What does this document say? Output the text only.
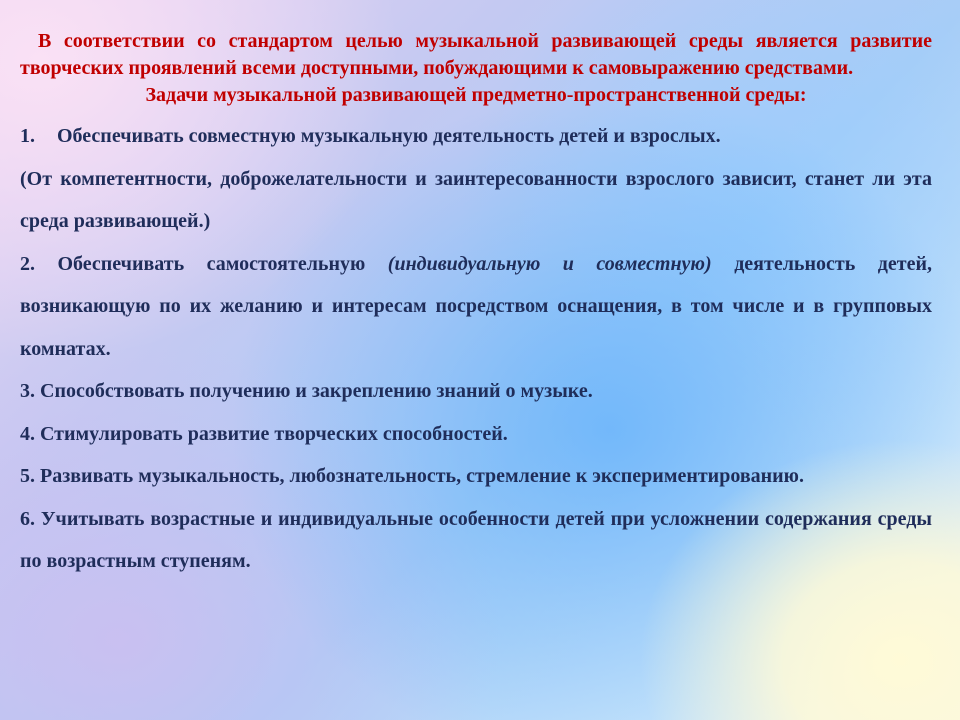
В соответствии со стандартом целью музыкальной развивающей среды является развитие творческих проявлений всеми доступными, побуждающими к самовыражению средствами.

Задачи музыкальной развивающей предметно-пространственной среды:

1. Обеспечивать совместную музыкальную деятельность детей и взрослых.

(От компетентности, доброжелательности и заинтересованности взрослого зависит, станет ли эта среда развивающей.)

2. Обеспечивать самостоятельную (индивидуальную и совместную) деятельность детей, возникающую по их желанию и интересам посредством оснащения, в том числе и в групповых комнатах.

3. Способствовать получению и закреплению знаний о музыке.

4. Стимулировать развитие творческих способностей.

5. Развивать музыкальность, любознательность, стремление к экспериментированию.

6. Учитывать возрастные и индивидуальные особенности детей при усложнении содержания среды по возрастным ступеням.
